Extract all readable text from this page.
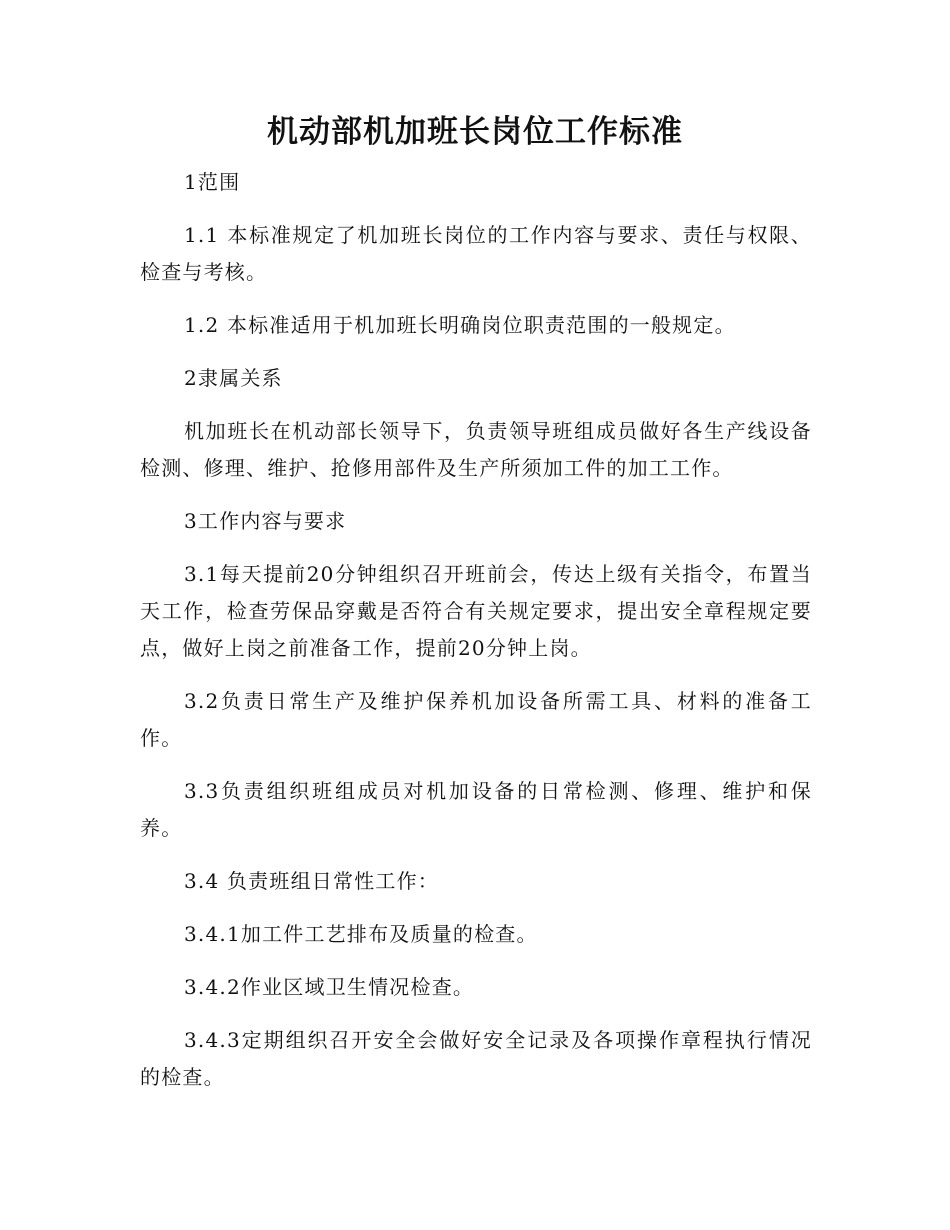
机动部机加班长岗位工作标准

1范围

1.1 本标准规定了机加班长岗位的工作内容与要求、责任与权限、检查与考核。

1.2 本标准适用于机加班长明确岗位职责范围的一般规定。

2隶属关系

机加班长在机动部长领导下，负责领导班组成员做好各生产线设备检测、修理、维护、抢修用部件及生产所须加工件的加工工作。

3工作内容与要求

3.1每天提前20分钟组织召开班前会，传达上级有关指令，布置当天工作，检查劳保品穿戴是否符合有关规定要求，提出安全章程规定要点，做好上岗之前准备工作，提前20分钟上岗。

3.2负责日常生产及维护保养机加设备所需工具、材料的准备工作。

3.3负责组织班组成员对机加设备的日常检测、修理、维护和保养。

3.4 负责班组日常性工作：

3.4.1加工件工艺排布及质量的检查。

3.4.2作业区域卫生情况检查。

3.4.3定期组织召开安全会做好安全记录及各项操作章程执行情况的检查。
